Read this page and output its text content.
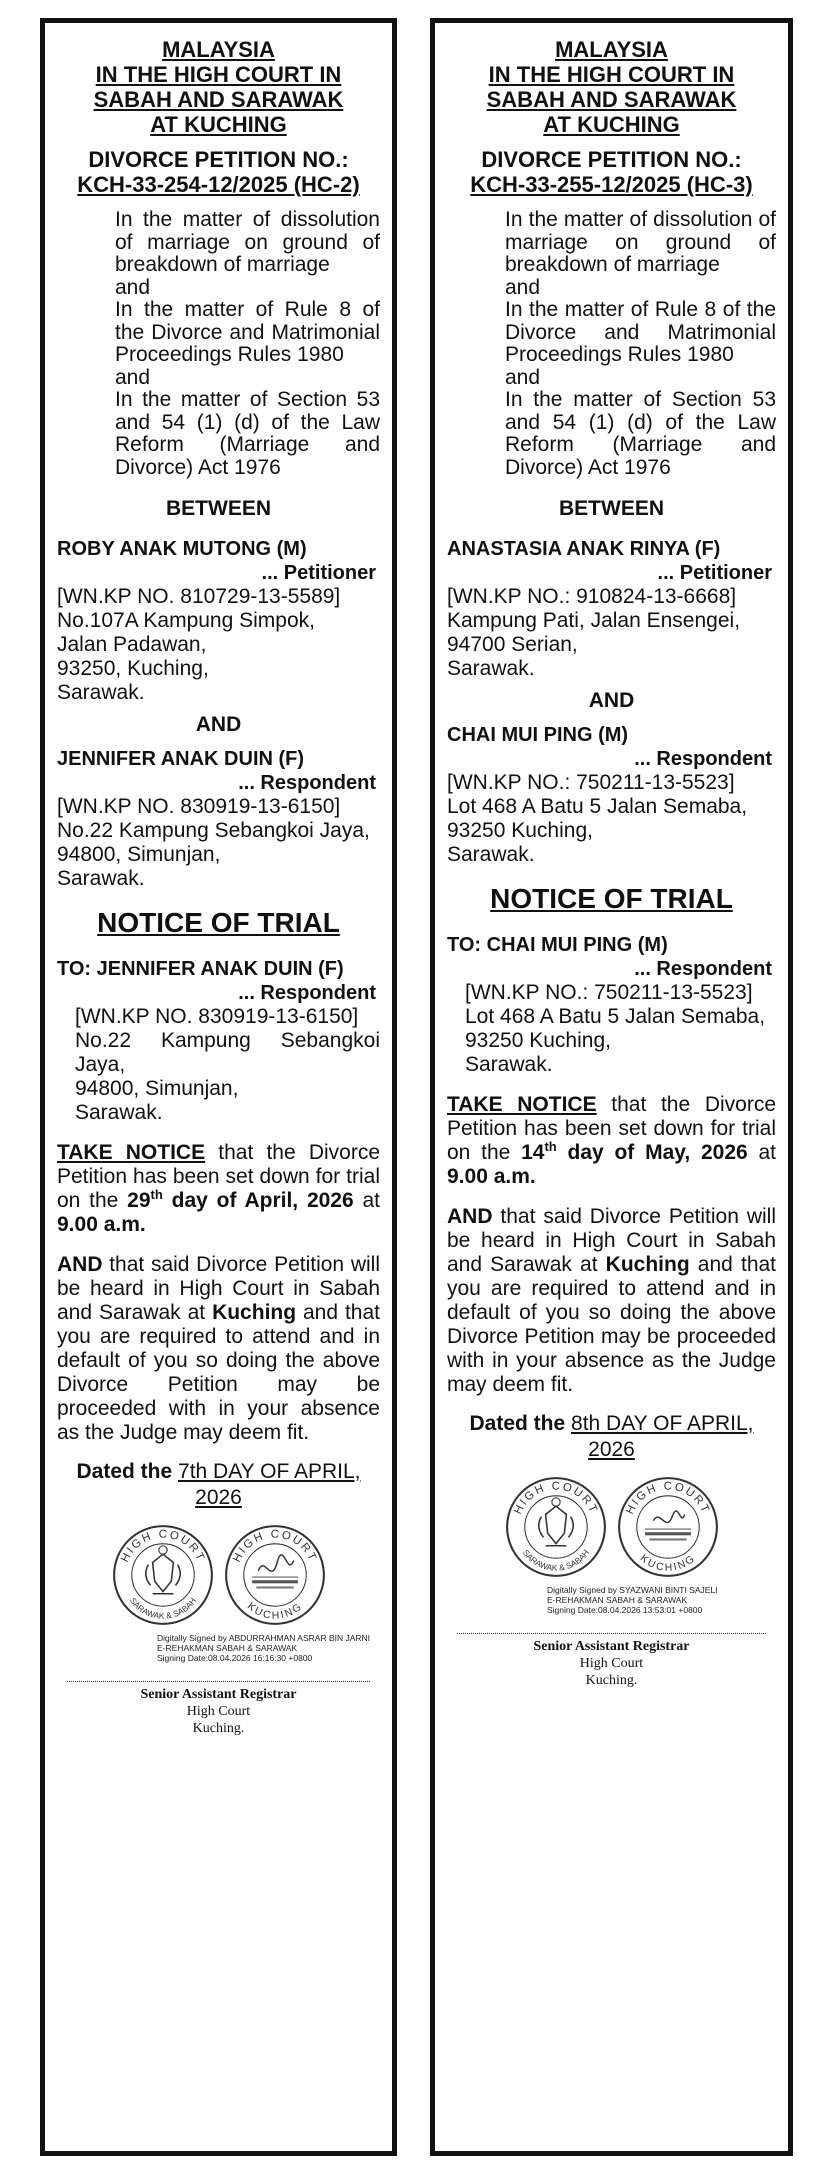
MALAYSIA
IN THE HIGH COURT IN
SABAH AND SARAWAK
AT KUCHING
DIVORCE PETITION NO.:
KCH-33-254-12/2025 (HC-2)
In the matter of dissolution of marriage on ground of breakdown of marriage
and
In the matter of Rule 8 of the Divorce and Matrimonial Proceedings Rules 1980
and
In the matter of Section 53 and 54 (1) (d) of the Law Reform (Marriage and Divorce) Act 1976
BETWEEN
ROBY ANAK MUTONG (M)
... Petitioner
[WN.KP NO. 810729-13-5589]
No.107A Kampung Simpok,
Jalan Padawan,
93250, Kuching,
Sarawak.
AND
JENNIFER ANAK DUIN (F)
... Respondent
[WN.KP NO. 830919-13-6150]
No.22 Kampung Sebangkoi Jaya,
94800, Simunjan,
Sarawak.
NOTICE OF TRIAL
TO: JENNIFER ANAK DUIN (F)
... Respondent
[WN.KP NO. 830919-13-6150]
No.22 Kampung Sebangkoi Jaya,
94800, Simunjan,
Sarawak.
TAKE NOTICE that the Divorce Petition has been set down for trial on the 29th day of April, 2026 at 9.00 a.m.
AND that said Divorce Petition will be heard in High Court in Sabah and Sarawak at Kuching and that you are required to attend and in default of you so doing the above Divorce Petition may be proceeded with in your absence as the Judge may deem fit.
Dated the 7th DAY OF APRIL,
2026
HIGH COURT
SARAWAK & SABAH
HIGH COURT
KUCHING
Digitally Signed by ABDURRAHMAN ASRAR BIN JARNI
E-REHAKMAN SABAH & SARAWAK
Signing Date:08.04.2026 16:16:30 +0800
Senior Assistant Registrar
High Court
Kuching.
MALAYSIA
IN THE HIGH COURT IN
SABAH AND SARAWAK
AT KUCHING
DIVORCE PETITION NO.:
KCH-33-255-12/2025 (HC-3)
In the matter of dissolution of marriage on ground of breakdown of marriage
and
In the matter of Rule 8 of the Divorce and Matrimonial Proceedings Rules 1980
and
In the matter of Section 53 and 54 (1) (d) of the Law Reform (Marriage and Divorce) Act 1976
BETWEEN
ANASTASIA ANAK RINYA (F)
... Petitioner
[WN.KP NO.: 910824-13-6668]
Kampung Pati, Jalan Ensengei,
94700 Serian,
Sarawak.
AND
CHAI MUI PING (M)
... Respondent
[WN.KP NO.: 750211-13-5523]
Lot 468 A Batu 5 Jalan Semaba,
93250 Kuching,
Sarawak.
NOTICE OF TRIAL
TO: CHAI MUI PING (M)
... Respondent
[WN.KP NO.: 750211-13-5523]
Lot 468 A Batu 5 Jalan Semaba,
93250 Kuching,
Sarawak.
TAKE NOTICE that the Divorce Petition has been set down for trial on the 14th day of May, 2026 at 9.00 a.m.
AND that said Divorce Petition will be heard in High Court in Sabah and Sarawak at Kuching and that you are required to attend and in default of you so doing the above Divorce Petition may be proceeded with in your absence as the Judge may deem fit.
Dated the 8th DAY OF APRIL,
2026
HIGH COURT
SARAWAK & SABAH
HIGH COURT
KUCHING
Digitally Signed by SYAZWANI BINTI SAJELI
E-REHAKMAN SABAH & SARAWAK
Signing Date:08.04.2026 13:53:01 +0800
Senior Assistant Registrar
High Court
Kuching.
